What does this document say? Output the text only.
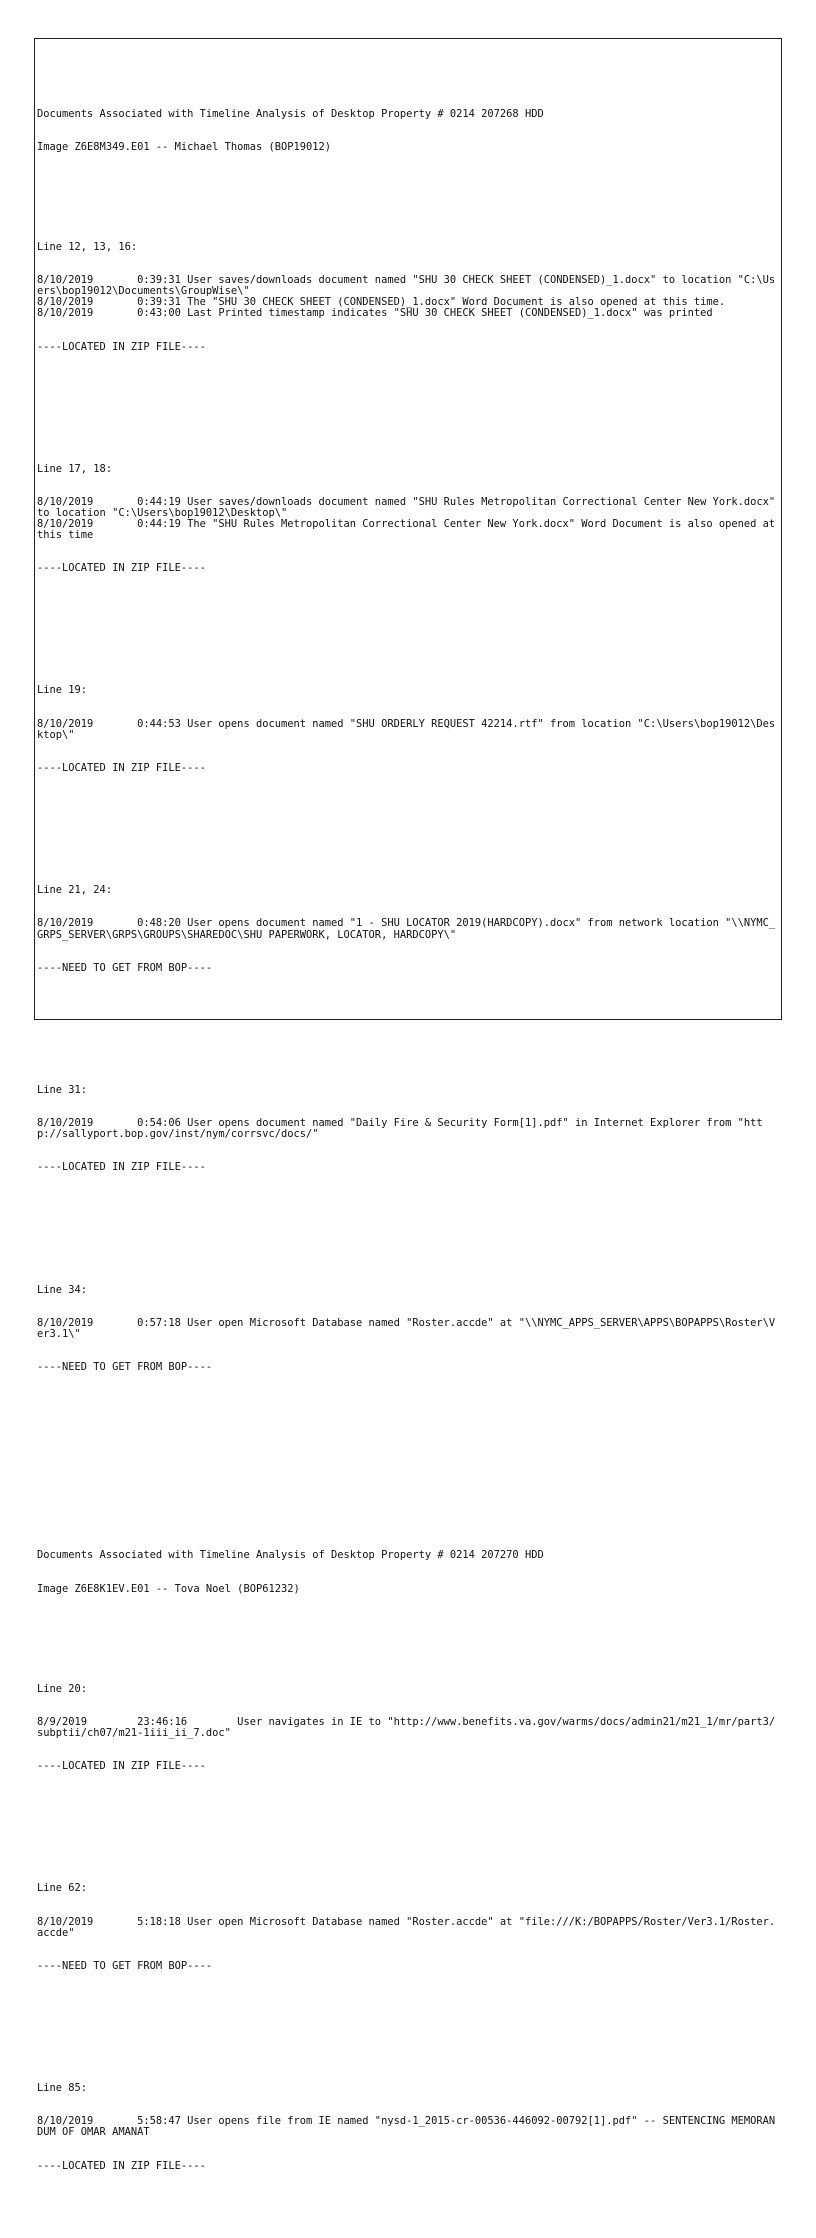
Documents Associated with Timeline Analysis of Desktop Property # 0214 207268 HDD

Image Z6E8M349.E01 -- Michael Thomas (BOP19012)

Line 12, 13, 16:

8/10/2019       0:39:31 User saves/downloads document named "SHU 30 CHECK SHEET (CONDENSED)_1.docx" to location "C:\Users\bop19012\Documents\GroupWise\"
8/10/2019       0:39:31 The "SHU 30 CHECK SHEET (CONDENSED)_1.docx" Word Document is also opened at this time.
8/10/2019       0:43:00 Last Printed timestamp indicates "SHU 30 CHECK SHEET (CONDENSED)_1.docx" was printed

----LOCATED IN ZIP FILE----

Line 17, 18:

8/10/2019       0:44:19 User saves/downloads document named "SHU Rules Metropolitan Correctional Center New York.docx" to location "C:\Users\bop19012\Desktop\"
8/10/2019       0:44:19 The "SHU Rules Metropolitan Correctional Center New York.docx" Word Document is also opened at this time

----LOCATED IN ZIP FILE----

Line 19:

8/10/2019       0:44:53 User opens document named "SHU ORDERLY REQUEST 42214.rtf" from location "C:\Users\bop19012\Desktop\"

----LOCATED IN ZIP FILE----

Line 21, 24:

8/10/2019       0:48:20 User opens document named "1 - SHU LOCATOR 2019(HARDCOPY).docx" from network location "\\NYMC_GRPS_SERVER\GRPS\GROUPS\SHAREDOC\SHU PAPERWORK, LOCATOR, HARDCOPY\"

----NEED TO GET FROM BOP----

Line 31:

8/10/2019       0:54:06 User opens document named "Daily Fire & Security Form[1].pdf" in Internet Explorer from "http://sallyport.bop.gov/inst/nym/corrsvc/docs/"

----LOCATED IN ZIP FILE----

Line 34:

8/10/2019       0:57:18 User open Microsoft Database named "Roster.accde" at "\\NYMC_APPS_SERVER\APPS\BOPAPPS\Roster\Ver3.1\"

----NEED TO GET FROM BOP----

Documents Associated with Timeline Analysis of Desktop Property # 0214 207270 HDD

Image Z6E8K1EV.E01 -- Tova Noel (BOP61232)

Line 20:

8/9/2019        23:46:16        User navigates in IE to "http://www.benefits.va.gov/warms/docs/admin21/m21_1/mr/part3/subptii/ch07/m21-1iii_ii_7.doc"

----LOCATED IN ZIP FILE----

Line 62:

8/10/2019       5:18:18 User open Microsoft Database named "Roster.accde" at "file:///K:/BOPAPPS/Roster/Ver3.1/Roster.accde"

----NEED TO GET FROM BOP----

Line 85:

8/10/2019       5:58:47 User opens file from IE named "nysd-1_2015-cr-00536-446092-00792[1].pdf" -- SENTENCING MEMORANDUM OF OMAR AMANAT

----LOCATED IN ZIP FILE----
